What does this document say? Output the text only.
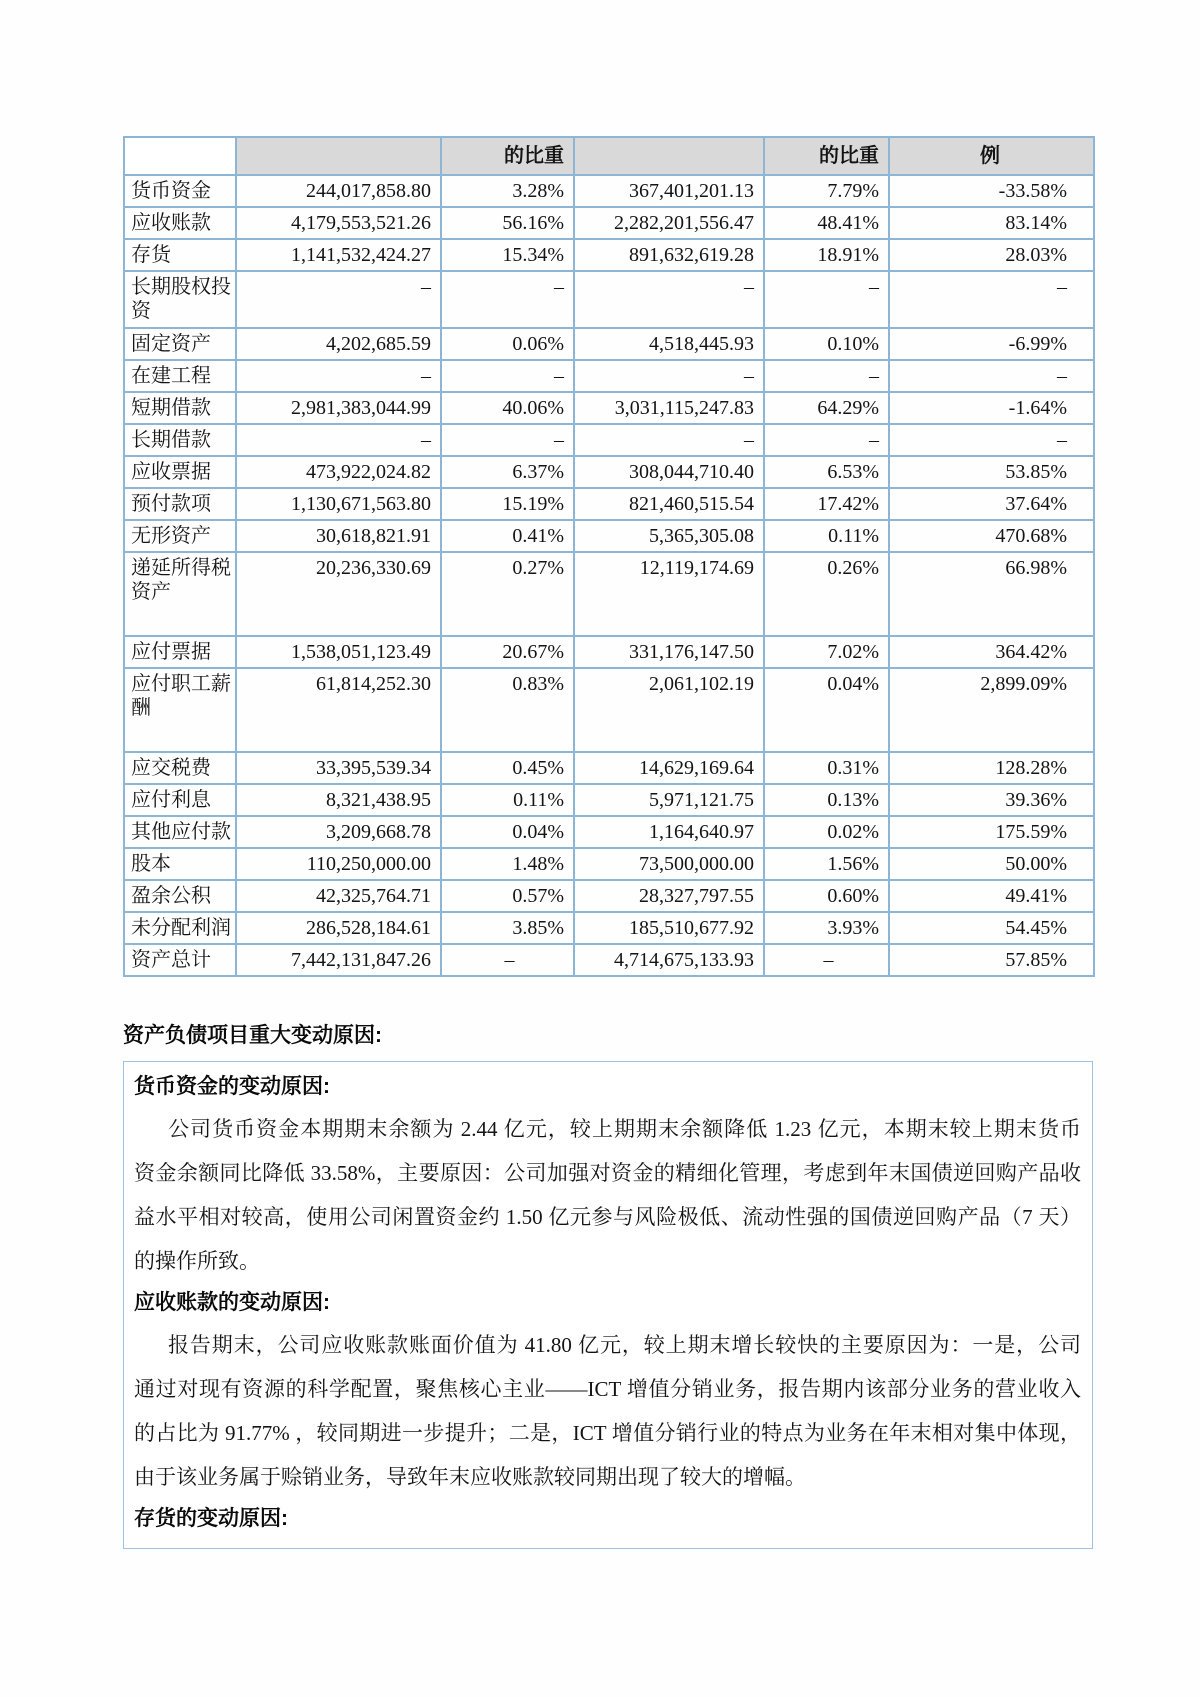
		的比重		的比重	例
货币资金	244,017,858.80	3.28%	367,401,201.13	7.79%	-33.58%
应收账款	4,179,553,521.26	56.16%	2,282,201,556.47	48.41%	83.14%
存货	1,141,532,424.27	15.34%	891,632,619.28	18.91%	28.03%
长期股权投资	–	–	–	–	–
固定资产	4,202,685.59	0.06%	4,518,445.93	0.10%	-6.99%
在建工程	–	–	–	–	–
短期借款	2,981,383,044.99	40.06%	3,031,115,247.83	64.29%	-1.64%
长期借款	–	–	–	–	–
应收票据	473,922,024.82	6.37%	308,044,710.40	6.53%	53.85%
预付款项	1,130,671,563.80	15.19%	821,460,515.54	17.42%	37.64%
无形资产	30,618,821.91	0.41%	5,365,305.08	0.11%	470.68%
递延所得税资产	20,236,330.69	0.27%	12,119,174.69	0.26%	66.98%
应付票据	1,538,051,123.49	20.67%	331,176,147.50	7.02%	364.42%
应付职工薪酬	61,814,252.30	0.83%	2,061,102.19	0.04%	2,899.09%
应交税费	33,395,539.34	0.45%	14,629,169.64	0.31%	128.28%
应付利息	8,321,438.95	0.11%	5,971,121.75	0.13%	39.36%
其他应付款	3,209,668.78	0.04%	1,164,640.97	0.02%	175.59%
股本	110,250,000.00	1.48%	73,500,000.00	1.56%	50.00%
盈余公积	42,325,764.71	0.57%	28,327,797.55	0.60%	49.41%
未分配利润	286,528,184.61	3.85%	185,510,677.92	3.93%	54.45%
资产总计	7,442,131,847.26	–	4,714,675,133.93	–	57.85%
资产负债项目重大变动原因:
货币资金的变动原因:
公司货币资金本期期末余额为 2.44 亿元，较上期期末余额降低 1.23 亿元，本期末较上期末货币
资金余额同比降低 33.58%，主要原因：公司加强对资金的精细化管理，考虑到年末国债逆回购产品收
益水平相对较高，使用公司闲置资金约 1.50 亿元参与风险极低、流动性强的国债逆回购产品（7 天）
的操作所致。
应收账款的变动原因:
报告期末，公司应收账款账面价值为 41.80 亿元，较上期末增长较快的主要原因为：一是，公司
通过对现有资源的科学配置，聚焦核心主业——ICT 增值分销业务，报告期内该部分业务的营业收入
的占比为 91.77% ，较同期进一步提升；二是，ICT 增值分销行业的特点为业务在年末相对集中体现，
由于该业务属于赊销业务，导致年末应收账款较同期出现了较大的增幅。
存货的变动原因:
